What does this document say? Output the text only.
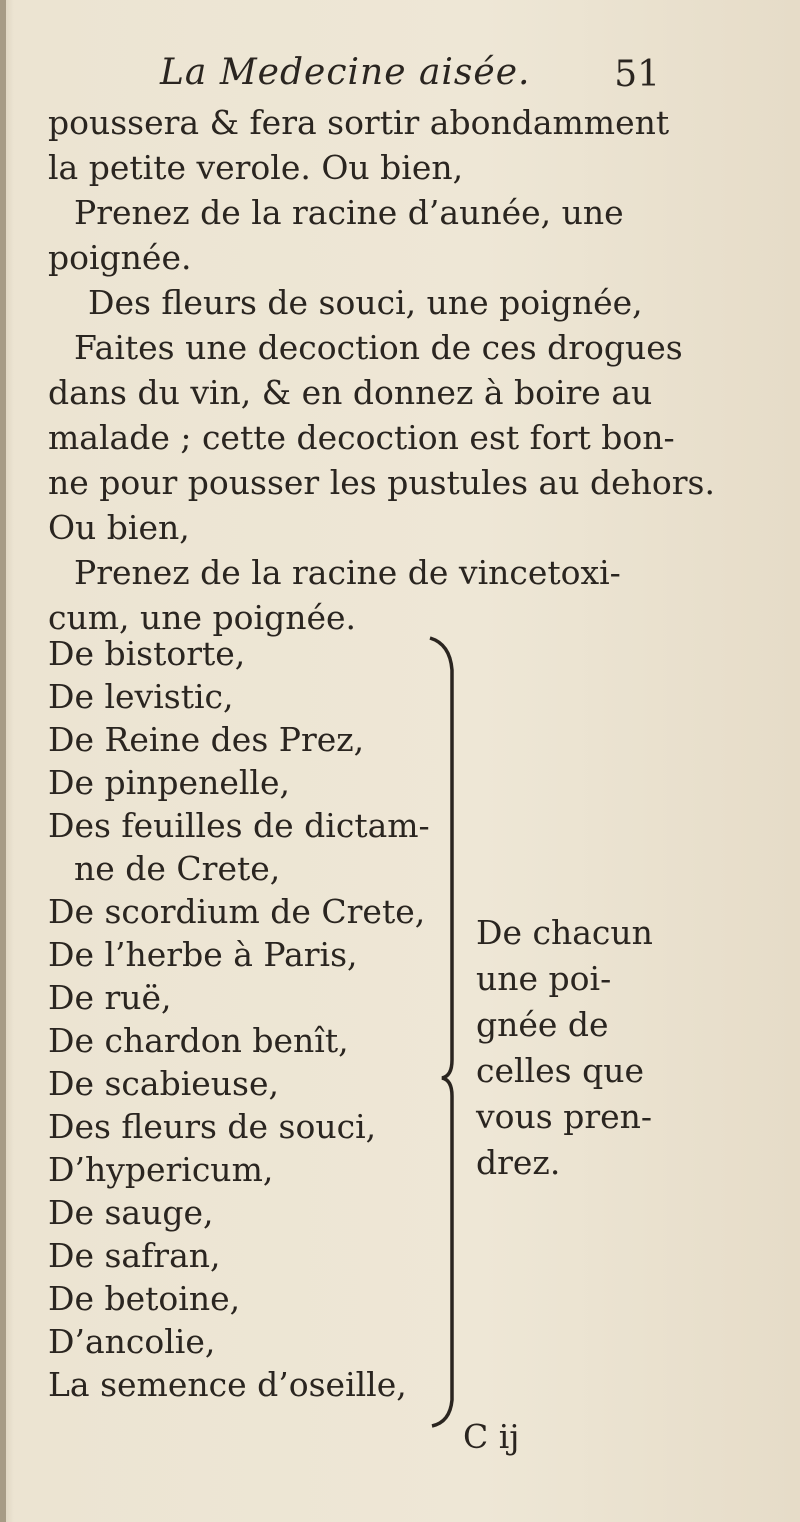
La Medecine aisée. 51
poussera & fera sortir abondamment
la petite verole. Ou bien,
Prenez de la racine d’aunée, une
poignée.
Des fleurs de souci, une poignée,
Faites une decoction de ces drogues
dans du vin, & en donnez à boire au
malade ; cette decoction est fort bon-
ne pour pousser les pustules au dehors.
Ou bien,
Prenez de la racine de vincetoxi-
cum, une poignée.
De bistorte,
De levistic,
De Reine des Prez,
De pinpenelle,
Des feuilles de dictam-
ne de Crete,
De scordium de Crete,
De l’herbe à Paris,
De ruë,
De chardon benît,
De scabieuse,
Des fleurs de souci,
D’hypericum,
De sauge,
De safran,
De betoine,
D’ancolie,
La semence d’oseille,
De chacun
une poi-
gnée de
celles que
vous pren-
drez.
C ij
